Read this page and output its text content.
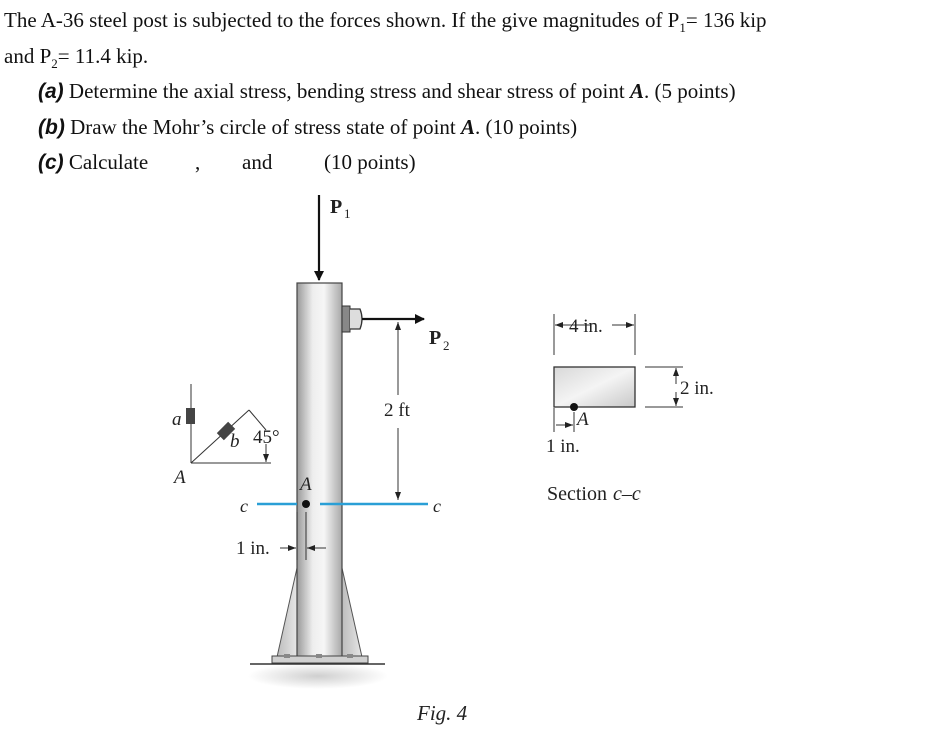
The A-36 steel post is subjected to the forces shown. If the give magnitudes of $P_1= 136$ kip
and $P_2= 11.4$ kip.
(a) Determine the axial stress, bending stress and shear stress of point A. (5 points)
(b) Draw the Mohr’s circle of stress state of point A. (10 points)
(c) Calculate , and (10 points)
P 1
P 2
2 ft
c	c
A
1 in.
a
b 45°
A
4 in.
2 in.
A
1 in.
Section c–c
Fig. 4
